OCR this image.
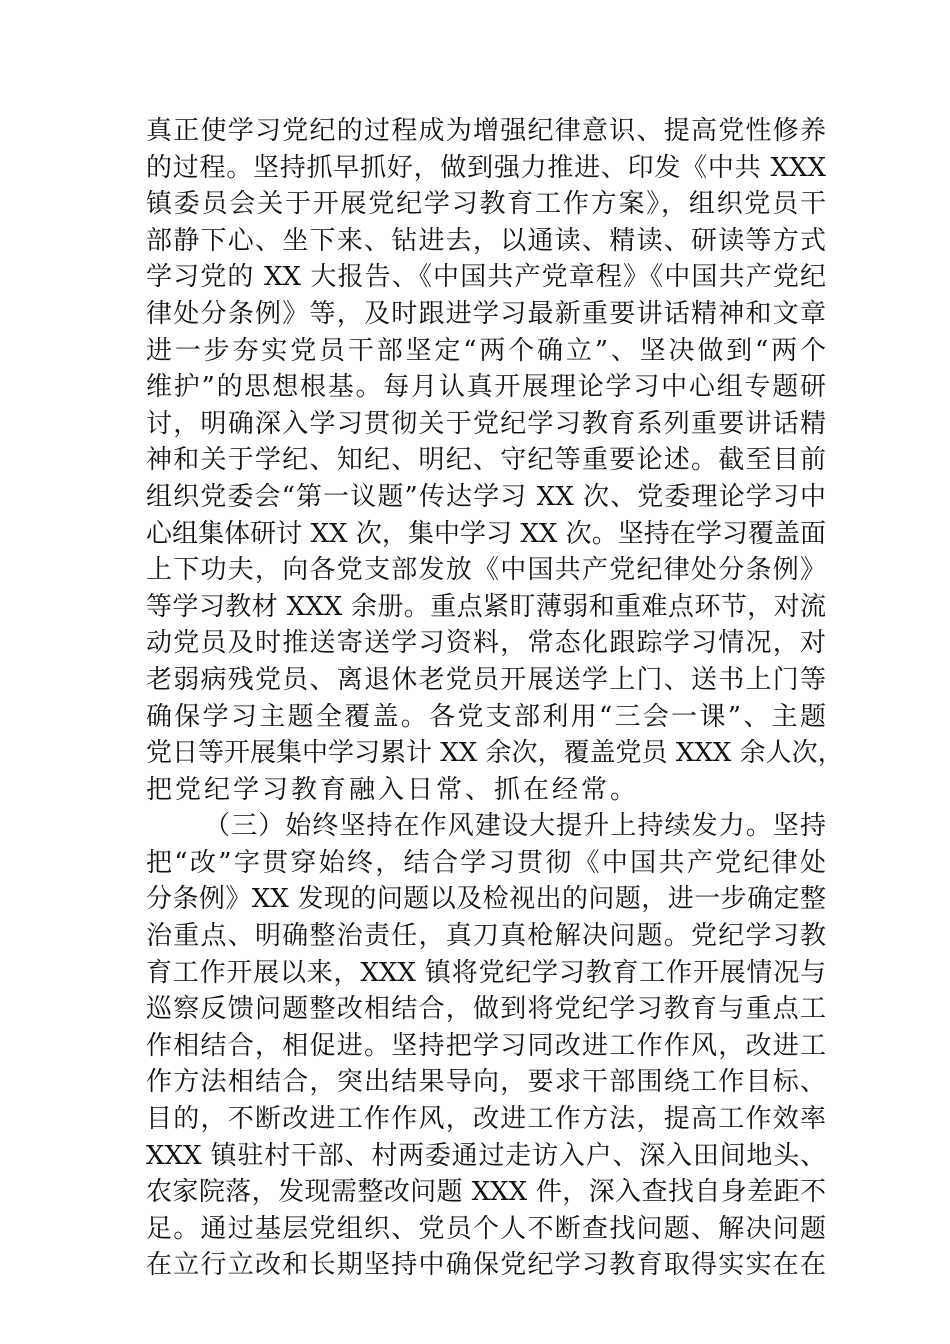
真正使学习党纪的过程成为增强纪律意识、提高党性修养
的过程。坚持抓早抓好，做到强力推进、印发《中共 XXX
镇委员会关于开展党纪学习教育工作方案》，组织党员干
部静下心、坐下来、钻进去，以通读、精读、研读等方式
学习党的 XX 大报告、《中国共产党章程》《中国共产党纪
律处分条例》等，及时跟进学习最新重要讲话精神和文章
进一步夯实党员干部坚定“两个确立”、坚决做到“两个
维护”的思想根基。每月认真开展理论学习中心组专题研
讨，明确深入学习贯彻关于党纪学习教育系列重要讲话精
神和关于学纪、知纪、明纪、守纪等重要论述。截至目前
组织党委会“第一议题”传达学习 XX 次、党委理论学习中
心组集体研讨 XX 次，集中学习 XX 次。坚持在学习覆盖面
上下功夫，向各党支部发放《中国共产党纪律处分条例》
等学习教材 XXX 余册。重点紧盯薄弱和重难点环节，对流
动党员及时推送寄送学习资料，常态化跟踪学习情况，对
老弱病残党员、离退休老党员开展送学上门、送书上门等
确保学习主题全覆盖。各党支部利用“三会一课”、主题
党日等开展集中学习累计 XX 余次，覆盖党员 XXX 余人次，
把党纪学习教育融入日常、抓在经常。
（三）始终坚持在作风建设大提升上持续发力。坚持
把“改”字贯穿始终，结合学习贯彻《中国共产党纪律处
分条例》XX 发现的问题以及检视出的问题，进一步确定整
治重点、明确整治责任，真刀真枪解决问题。党纪学习教
育工作开展以来，XXX 镇将党纪学习教育工作开展情况与
巡察反馈问题整改相结合，做到将党纪学习教育与重点工
作相结合，相促进。坚持把学习同改进工作作风，改进工
作方法相结合，突出结果导向，要求干部围绕工作目标、
目的，不断改进工作作风，改进工作方法，提高工作效率
XXX 镇驻村干部、村两委通过走访入户、深入田间地头、
农家院落，发现需整改问题 XXX 件，深入查找自身差距不
足。通过基层党组织、党员个人不断查找问题、解决问题
在立行立改和长期坚持中确保党纪学习教育取得实实在在
